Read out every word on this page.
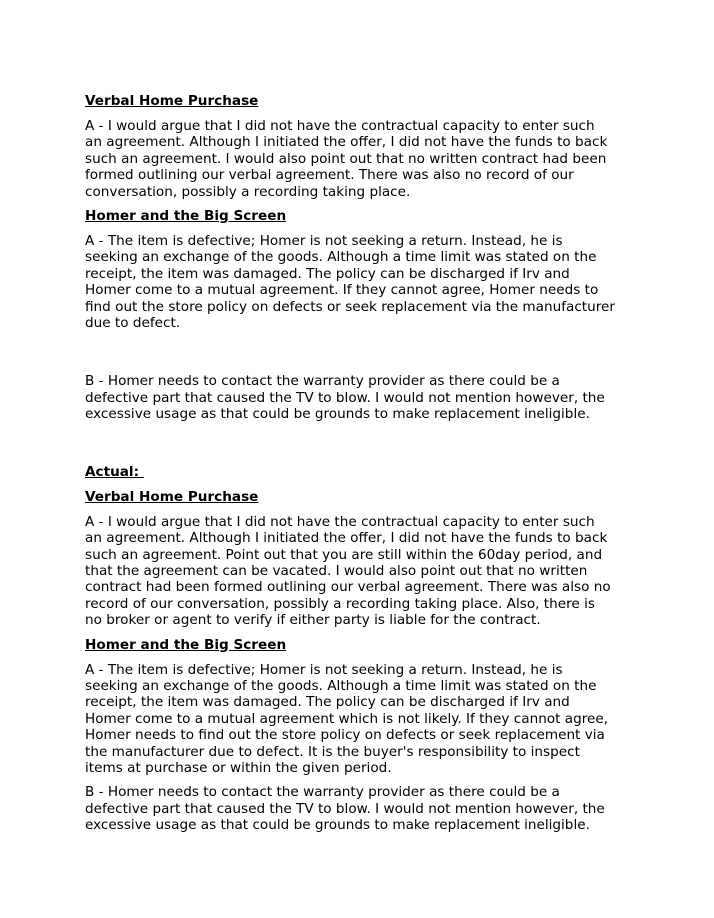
Verbal Home Purchase
A - I would argue that I did not have the contractual capacity to enter such
an agreement. Although I initiated the offer, I did not have the funds to back
such an agreement. I would also point out that no written contract had been
formed outlining our verbal agreement. There was also no record of our
conversation, possibly a recording taking place.
Homer and the Big Screen
A - The item is defective; Homer is not seeking a return. Instead, he is
seeking an exchange of the goods. Although a time limit was stated on the
receipt, the item was damaged. The policy can be discharged if Irv and
Homer come to a mutual agreement. If they cannot agree, Homer needs to
find out the store policy on defects or seek replacement via the manufacturer
due to defect.
B - Homer needs to contact the warranty provider as there could be a
defective part that caused the TV to blow. I would not mention however, the
excessive usage as that could be grounds to make replacement ineligible.
Actual:
Verbal Home Purchase
A - I would argue that I did not have the contractual capacity to enter such
an agreement. Although I initiated the offer, I did not have the funds to back
such an agreement. Point out that you are still within the 60day period, and
that the agreement can be vacated. I would also point out that no written
contract had been formed outlining our verbal agreement. There was also no
record of our conversation, possibly a recording taking place. Also, there is
no broker or agent to verify if either party is liable for the contract.
Homer and the Big Screen
A - The item is defective; Homer is not seeking a return. Instead, he is
seeking an exchange of the goods. Although a time limit was stated on the
receipt, the item was damaged. The policy can be discharged if Irv and
Homer come to a mutual agreement which is not likely. If they cannot agree,
Homer needs to find out the store policy on defects or seek replacement via
the manufacturer due to defect. It is the buyer's responsibility to inspect
items at purchase or within the given period.
B - Homer needs to contact the warranty provider as there could be a
defective part that caused the TV to blow. I would not mention however, the
excessive usage as that could be grounds to make replacement ineligible.
